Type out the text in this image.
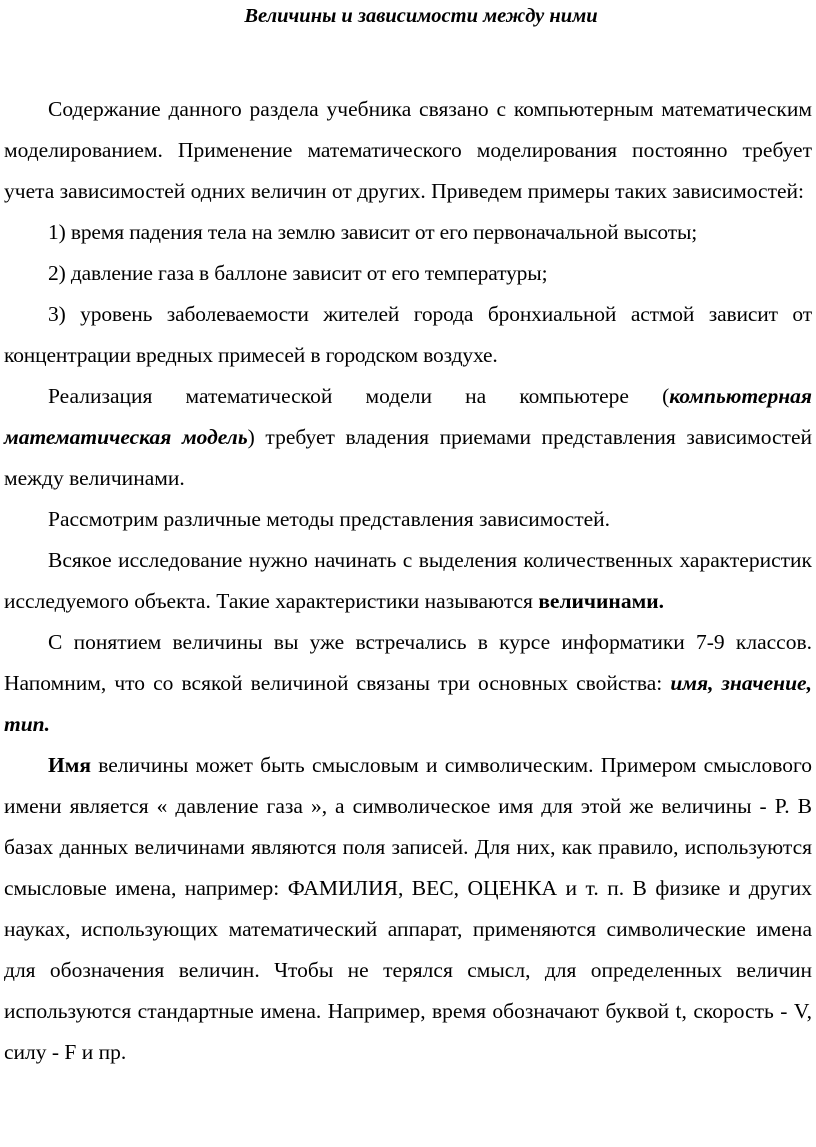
Величины и зависимости между ними

Содержание данного раздела учебника связано с компьютерным математическим моделированием. Применение математического моделирования постоянно требует учета зависимостей одних величин от других. Приведем примеры таких зависимостей:

1) время падения тела на землю зависит от его первоначальной высоты;

2) давление газа в баллоне зависит от его температуры;

3) уровень заболеваемости жителей города бронхиальной астмой зависит от концентрации вредных примесей в городском воздухе.

Реализация математической модели на компьютере (компьютерная математическая модель) требует владения приемами представления зависимостей между величинами.

Рассмотрим различные методы представления зависимостей.

Всякое исследование нужно начинать с выделения количественных характеристик исследуемого объекта. Такие характеристики называются величинами.

С понятием величины вы уже встречались в курсе информатики 7-9 классов. Напомним, что со всякой величиной связаны три основных свойства: имя, значение, тип.

Имя величины может быть смысловым и символическим. Примером смыслового имени является « давление газа », а символическое имя для этой же величины - P. В базах данных величинами являются поля записей. Для них, как правило, используются смысловые имена, например: ФАМИЛИЯ, ВЕС, ОЦЕНКА и т. п. В физике и других науках, использующих математический аппарат, применяются символические имена для обозначения величин. Чтобы не терялся смысл, для определенных величин используются стандартные имена. Например, время обозначают буквой t, скорость - V, силу - F и пр.
